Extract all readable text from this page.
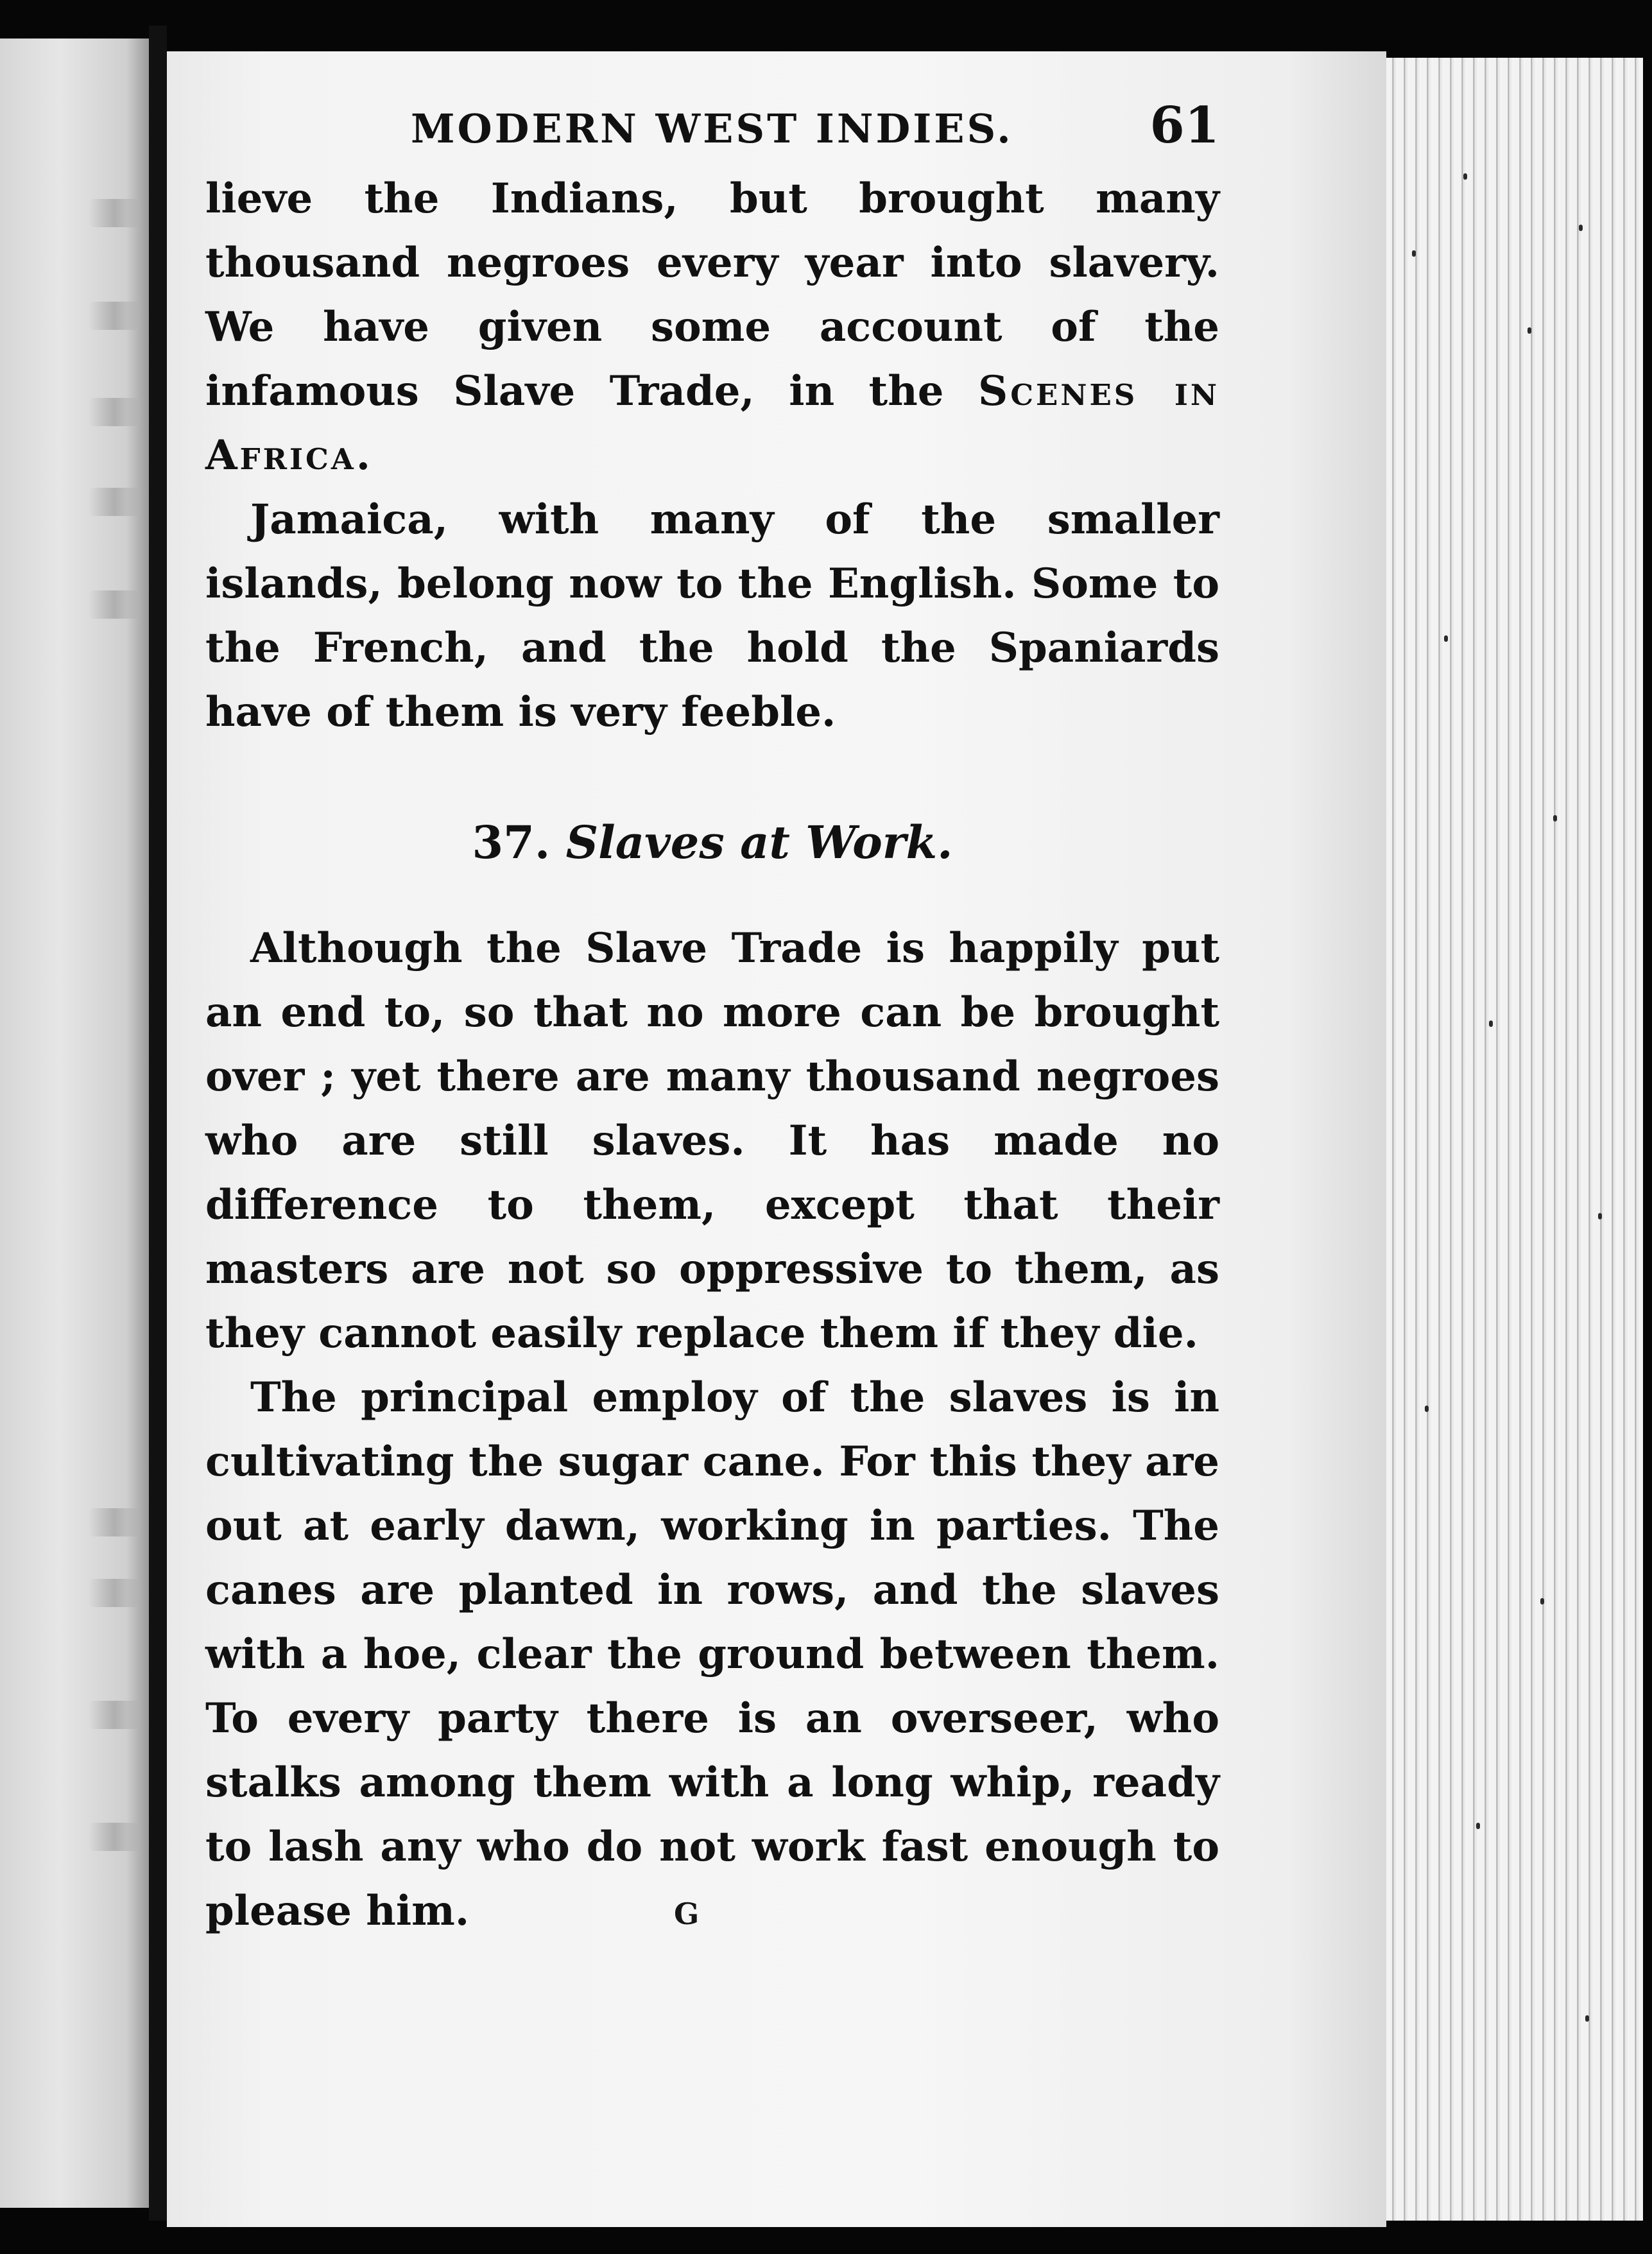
MODERN WEST INDIES.	61

lieve the Indians, but brought many thousand negroes every year into slavery. We have given some account of the infamous Slave Trade, in the Scenes in Africa.

Jamaica, with many of the smaller islands, belong now to the English. Some to the French, and the hold the Spaniards have of them is very feeble.

37. Slaves at Work.

Although the Slave Trade is happily put an end to, so that no more can be brought over ; yet there are many thousand negroes who are still slaves. It has made no difference to them, except that their masters are not so oppressive to them, as they cannot easily replace them if they die.

The principal employ of the slaves is in cultivating the sugar cane. For this they are out at early dawn, working in parties. The canes are planted in rows, and the slaves with a hoe, clear the ground between them. To every party there is an overseer, who stalks among them with a long whip, ready to lash any who do not work fast enough to please him.	G
